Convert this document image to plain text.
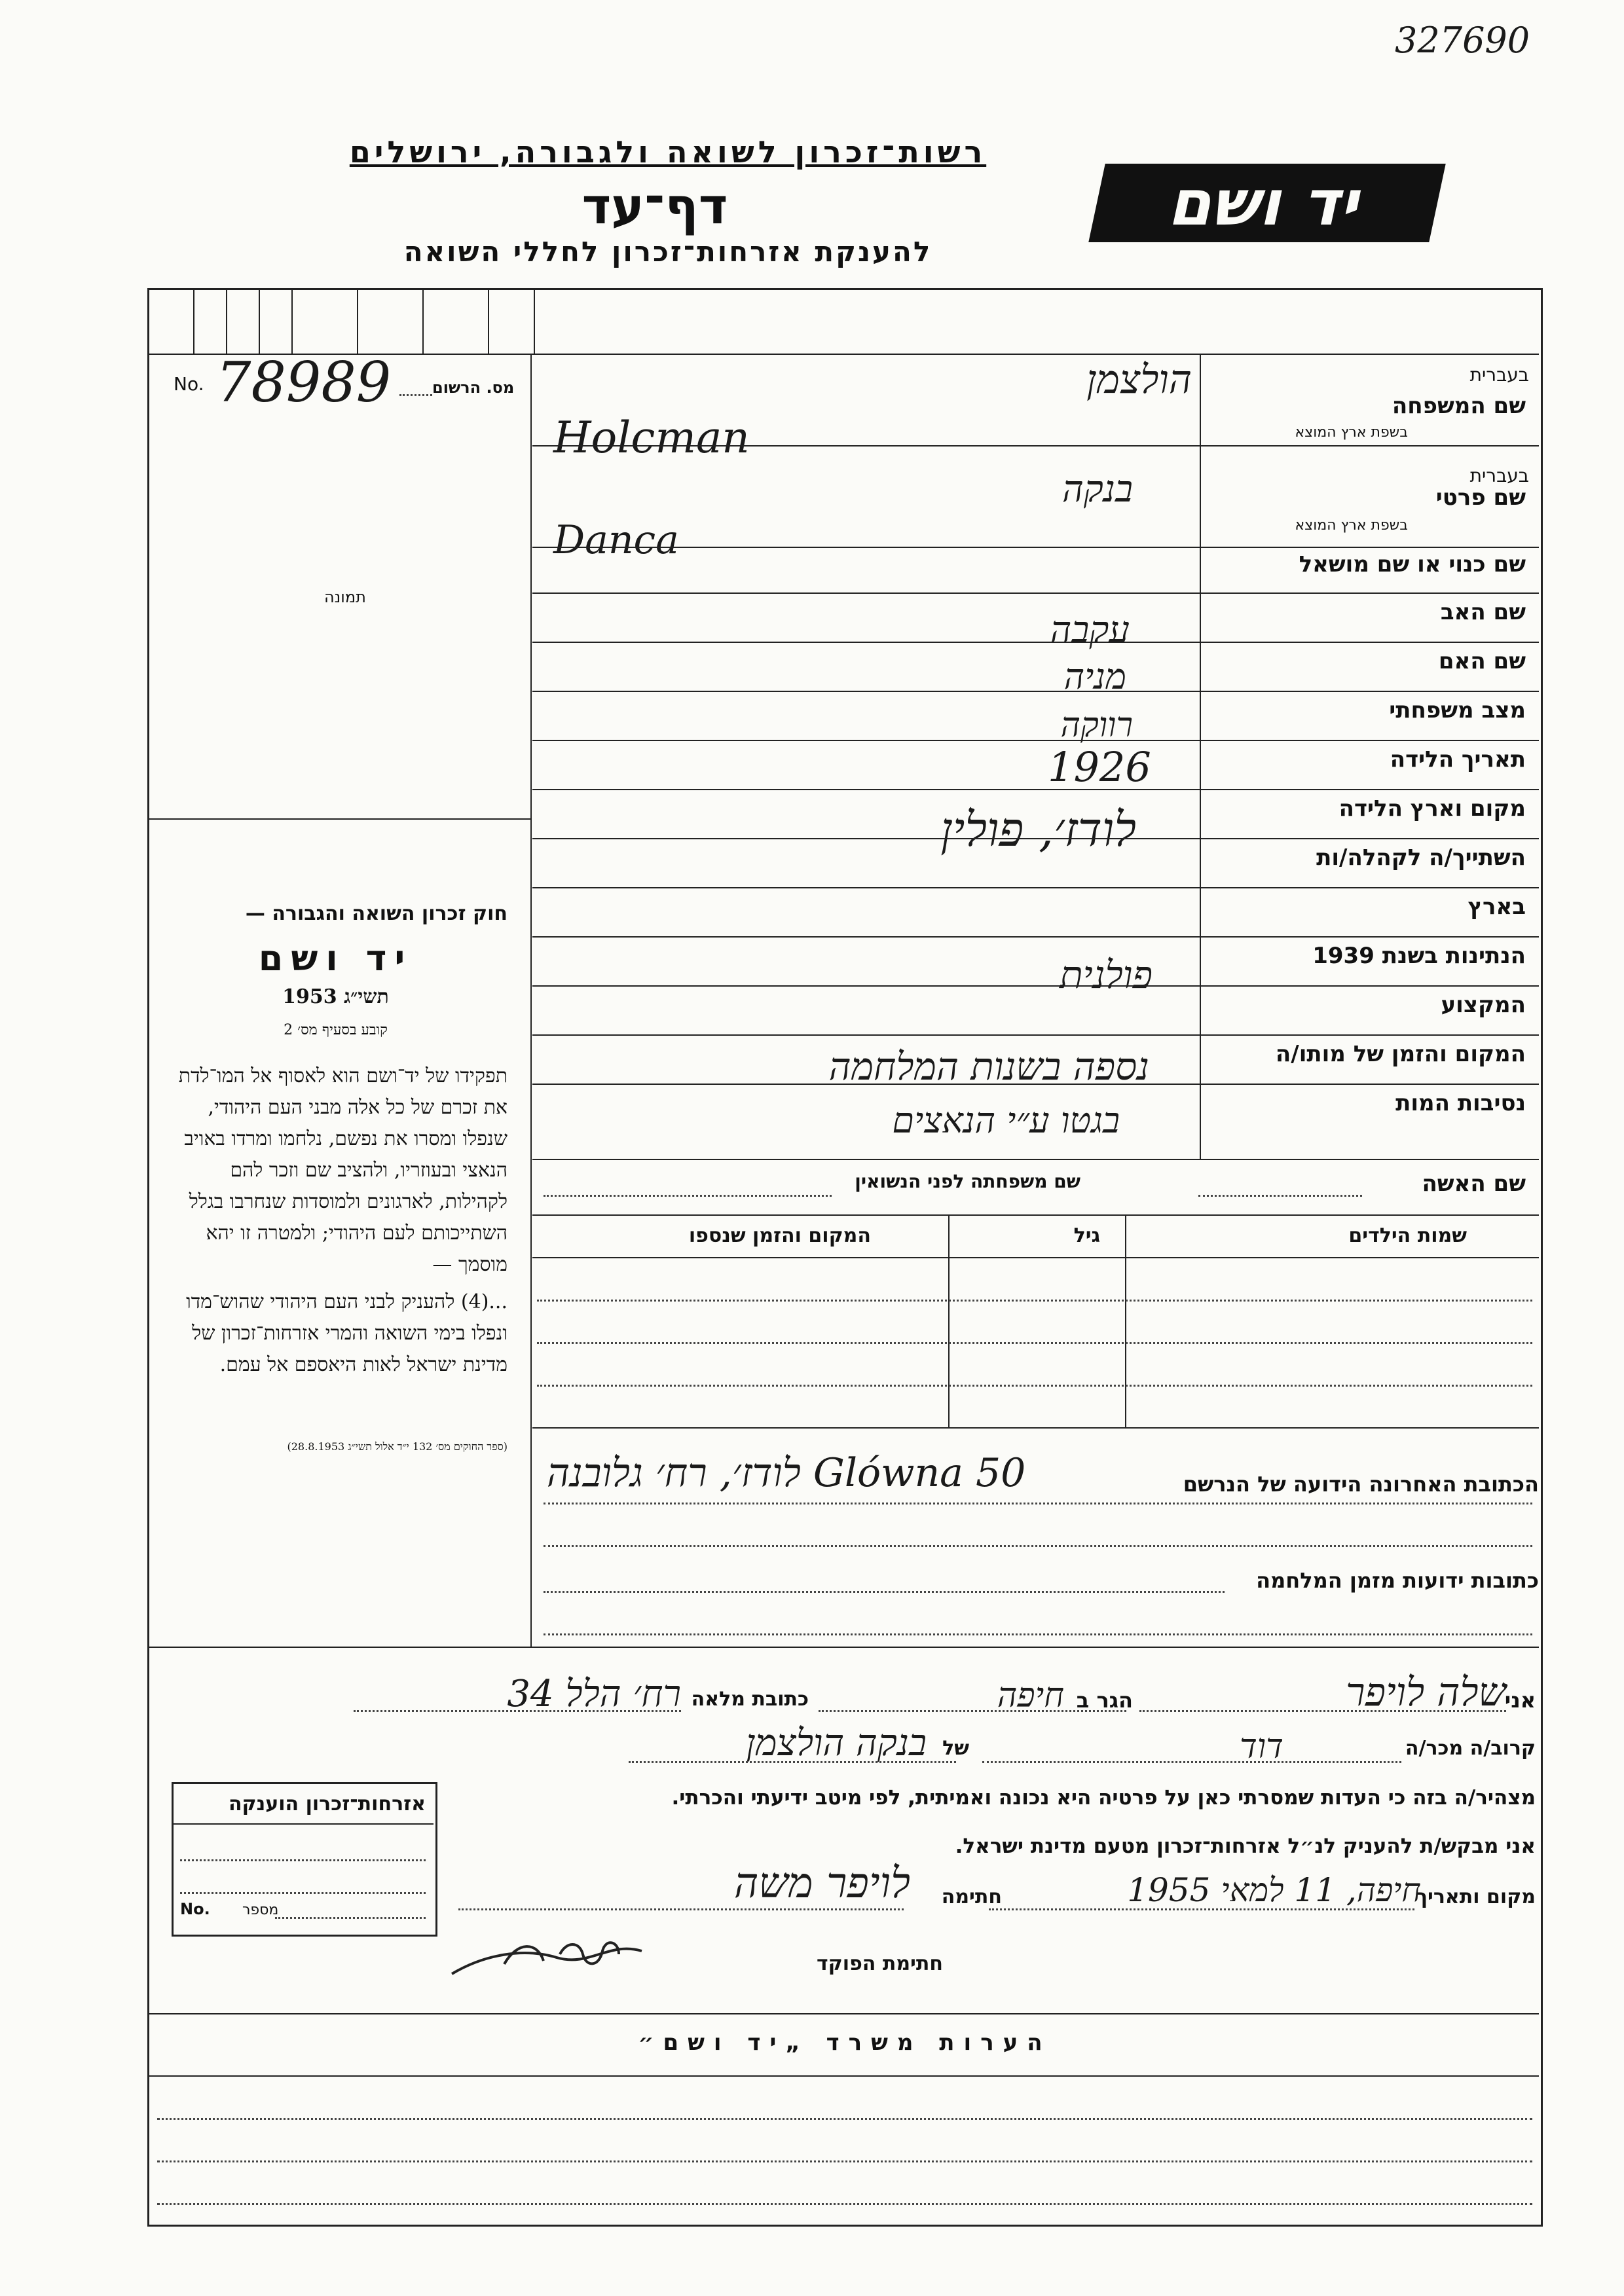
327690
רשות־זכרון לשואה ולגבורה, ירושלים
דף־עד
להענקת אזרחות־זכרון לחללי השואה
יד ושם
No. 78989	מס. הרשום
תמונה
חוק זכרון השואה והגבורה —
יד ושם
תשי״ג 1953
קובע בסעיף מס׳ 2
תפקידו של יד־ושם הוא לאסוף אל המו־לדת את זכרם של כל אלה מבני העם היהודי, שנפלו ומסרו את נפשם, נלחמו ומרדו באויב הנאצי ובעוזריו, ולהציב שם וזכר להם לקהילות, לארגונים ולמוסדות שנחרבו בגלל השתייכותם לעם היהודי; ולמטרה זו יהא מוסמך —
...(4) להעניק לבני העם היהודי שהוש־מדו ונפלו בימי השואה והמרי אזרחות־זכרון של מדינת ישראל לאות היאספם אל עמם.
(ספר החוקים מס׳ 132 י״ד אלול תשי״ג 28.8.1953)
שם המשפחה
בעברית
בשפת ארץ המוצא
הולצמן
Holcman
שם פרטי
בעברית
בשפת ארץ המוצא
בנקה
Danca
שם כנוי או שם מושאל
שם האב
עקבה
שם האם
מניה
מצב משפחתי
רווקה
תאריך הלידה
1926
מקום וארץ הלידה
לודז׳, פולין
השתייך/ה לקהלה/ות
בארץ
הנתינות בשנת 1939
פולנית
המקצוע
המקום והזמן של מותו/ה
נספה בשנות המלחמה
נסיבות המות
בגטו ע״י הנאצים
שם האשה
שם משפחתה לפני הנשואין
שמות הילדים
גיל
המקום והזמן שנספו
הכתובת האחרונה הידועה של הנרשם
לודז׳, רח׳ גלובנה Glówna 50
כתובות ידועות מזמן המלחמה
אני
שלה לויפר
הגר ב
חיפה
כתובת מלאה
רח׳ הלל 34
קרוב/ה מכר/ה
דוד
של
בנקה הולצמן
מצהיר/ה בזה כי העדות שמסרתי כאן על פרטיה היא נכונה ואמיתית, לפי מיטב ידיעתי והכרתי.
אני מבקש/ת להעניק לנ״ל אזרחות־זכרון מטעם מדינת ישראל.
מקום ותאריך
חיפה, 11 למאי 1955
חתימה
לויפר משה
חתימת הפוקד
אזרחות־זכרון הוענקה
No. מספר
הערות משרד „יד ושם״
